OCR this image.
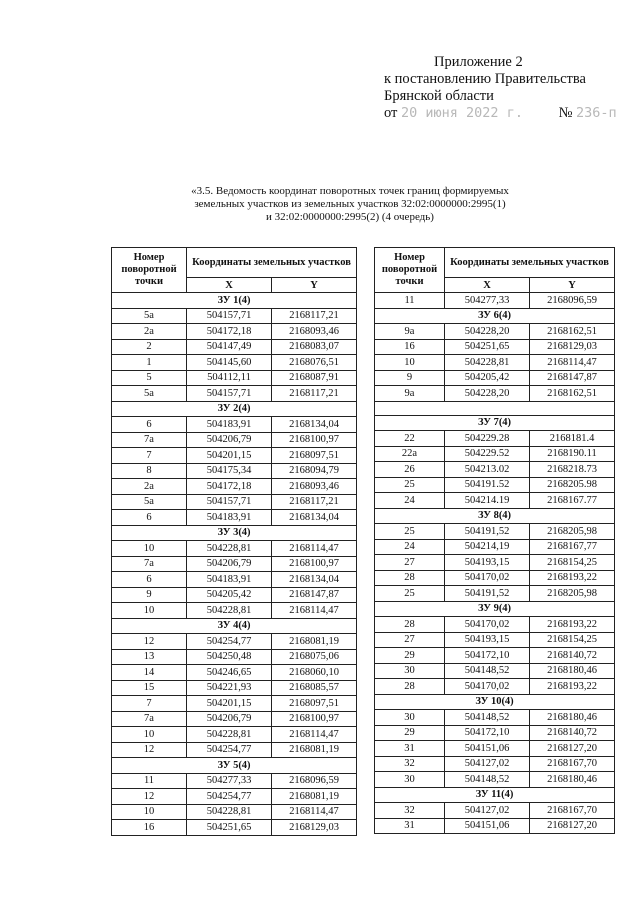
Приложение 2
к постановлению Правительства
Брянской области
от 20 июня 2022 г. № 236-п
«3.5. Ведомость координат поворотных точек границ формируемых
земельных участков из земельных участков 32:02:0000000:2995(1)
и 32:02:0000000:2995(2) (4 очередь)
Номер поворотной точки	Координаты земельных участков	
	X	Y
ЗУ 1(4)		
5а	504157,71	2168117,21
2а	504172,18	2168093,46
2	504147,49	2168083,07
1	504145,60	2168076,51
5	504112,11	2168087,91
5а	504157,71	2168117,21
ЗУ 2(4)		
6	504183,91	2168134,04
7а	504206,79	2168100,97
7	504201,15	2168097,51
8	504175,34	2168094,79
2а	504172,18	2168093,46
5а	504157,71	2168117,21
6	504183,91	2168134,04
ЗУ 3(4)		
10	504228,81	2168114,47
7а	504206,79	2168100,97
6	504183,91	2168134,04
9	504205,42	2168147,87
10	504228,81	2168114,47
ЗУ 4(4)		
12	504254,77	2168081,19
13	504250,48	2168075,06
14	504246,65	2168060,10
15	504221,93	2168085,57
7	504201,15	2168097,51
7а	504206,79	2168100,97
10	504228,81	2168114,47
12	504254,77	2168081,19
ЗУ 5(4)		
11	504277,33	2168096,59
12	504254,77	2168081,19
10	504228,81	2168114,47
16	504251,65	2168129,03
Номер поворотной точки	Координаты земельных участков	
	X	Y
11	504277,33	2168096,59
ЗУ 6(4)		
9а	504228,20	2168162,51
16	504251,65	2168129,03
10	504228,81	2168114,47
9	504205,42	2168147,87
9а	504228,20	2168162,51

ЗУ 7(4)		
22	504229.28	2168181.4
22а	504229.52	2168190.11
26	504213.02	2168218.73
25	504191.52	2168205.98
24	504214.19	2168167.77
ЗУ 8(4)		
25	504191,52	2168205,98
24	504214,19	2168167,77
27	504193,15	2168154,25
28	504170,02	2168193,22
25	504191,52	2168205,98
ЗУ 9(4)		
28	504170,02	2168193,22
27	504193,15	2168154,25
29	504172,10	2168140,72
30	504148,52	2168180,46
28	504170,02	2168193,22
ЗУ 10(4)		
30	504148,52	2168180,46
29	504172,10	2168140,72
31	504151,06	2168127,20
32	504127,02	2168167,70
30	504148,52	2168180,46
ЗУ 11(4)		
32	504127,02	2168167,70
31	504151,06	2168127,20
